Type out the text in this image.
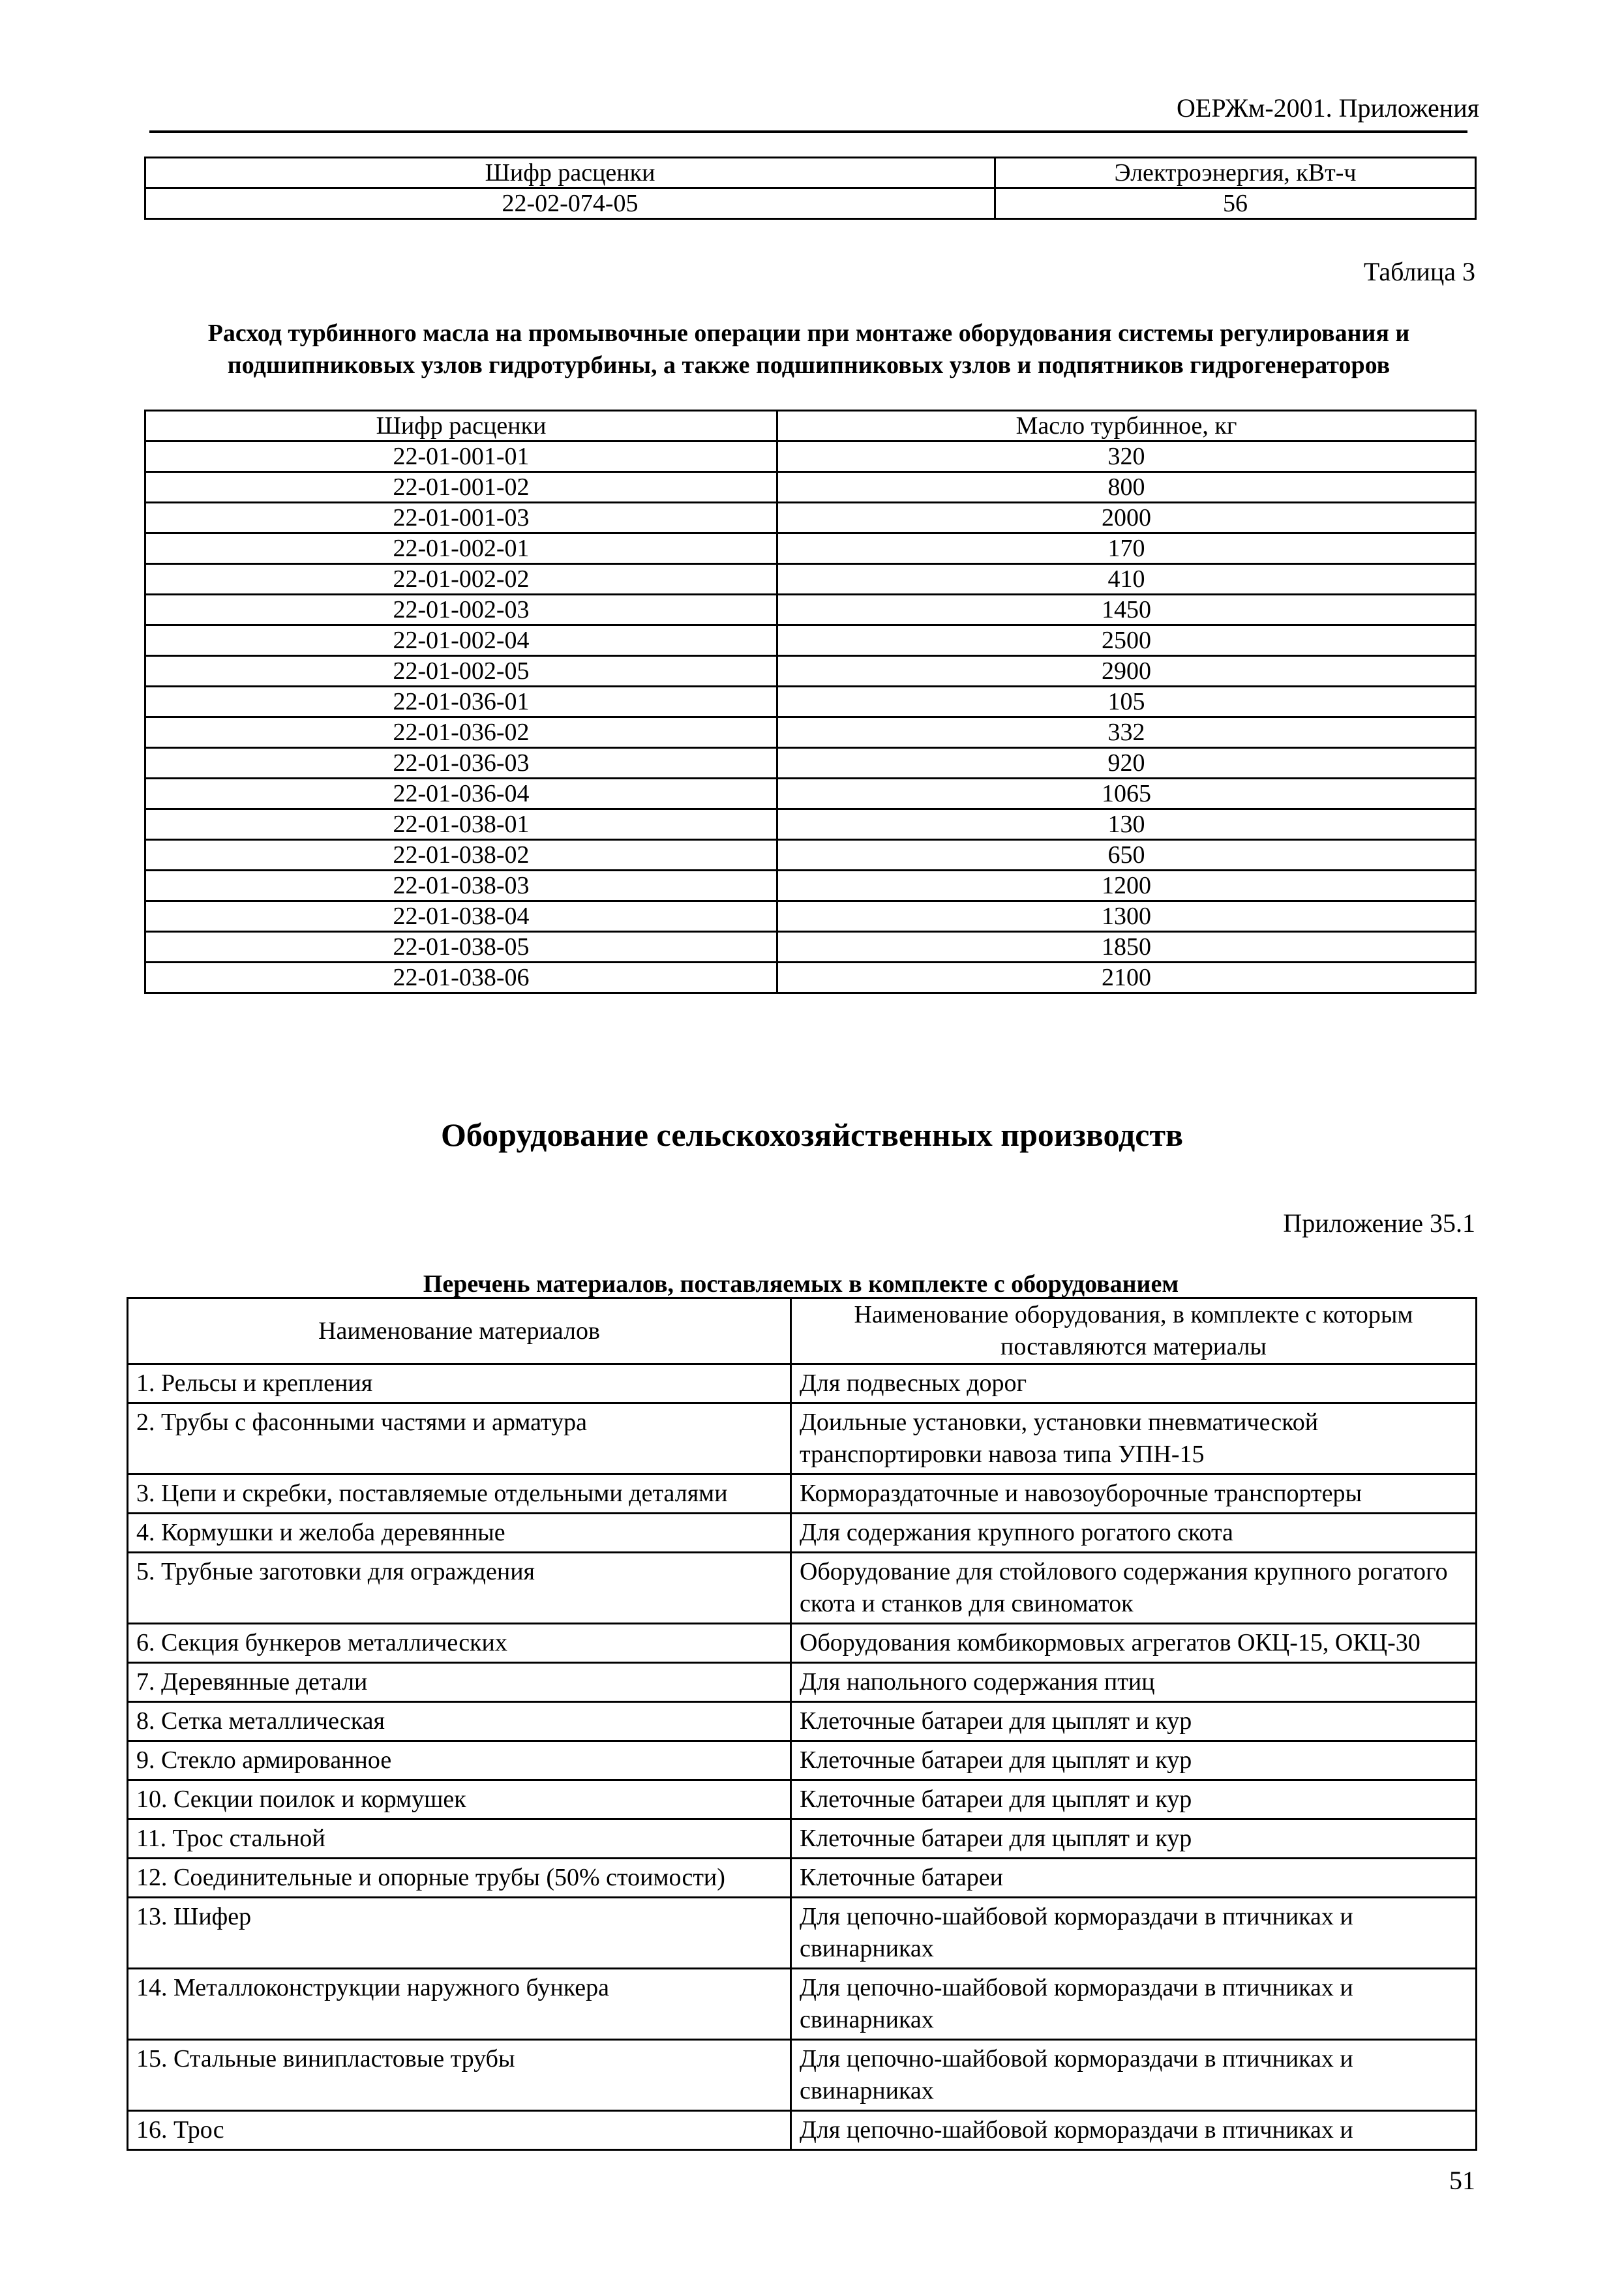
ОЕРЖм-2001. Приложения
Шифр расценки	Электроэнергия, кВт-ч
22-02-074-05	56
Таблица 3
Расход турбинного масла на промывочные операции при монтаже оборудования системы регулирования и подшипниковых узлов гидротурбины, а также подшипниковых узлов и подпятников гидрогенераторов
Шифр расценки	Масло турбинное, кг
22-01-001-01	320
22-01-001-02	800
22-01-001-03	2000
22-01-002-01	170
22-01-002-02	410
22-01-002-03	1450
22-01-002-04	2500
22-01-002-05	2900
22-01-036-01	105
22-01-036-02	332
22-01-036-03	920
22-01-036-04	1065
22-01-038-01	130
22-01-038-02	650
22-01-038-03	1200
22-01-038-04	1300
22-01-038-05	1850
22-01-038-06	2100
Оборудование сельскохозяйственных производств
Приложение 35.1
Перечень материалов, поставляемых в комплекте с оборудованием
Наименование материалов	Наименование оборудования, в комплекте с которым поставляются материалы
1. Рельсы и крепления	Для подвесных дорог
2. Трубы с фасонными частями и арматура	Доильные установки, установки пневматической транспортировки навоза типа УПН-15
3. Цепи и скребки, поставляемые отдельными деталями	Кормораздаточные и навозоуборочные транспортеры
4. Кормушки и желоба деревянные	Для содержания крупного рогатого скота
5. Трубные заготовки для ограждения	Оборудование для стойлового содержания крупного рогатого скота и станков для свиноматок
6. Секция бункеров металлических	Оборудования комбикормовых агрегатов ОКЦ-15, ОКЦ-30
7. Деревянные детали	Для напольного содержания птиц
8. Сетка металлическая	Клеточные батареи для цыплят и кур
9. Стекло армированное	Клеточные батареи для цыплят и кур
10. Секции поилок и кормушек	Клеточные батареи для цыплят и кур
11. Трос стальной	Клеточные батареи для цыплят и кур
12. Соединительные и опорные трубы (50% стоимости)	Клеточные батареи
13. Шифер	Для цепочно-шайбовой кормораздачи в птичниках и свинарниках
14. Металлоконструкции наружного бункера	Для цепочно-шайбовой кормораздачи в птичниках и свинарниках
15. Стальные винипластовые трубы	Для цепочно-шайбовой кормораздачи в птичниках и свинарниках
16. Трос	Для цепочно-шайбовой кормораздачи в птичниках и
51
